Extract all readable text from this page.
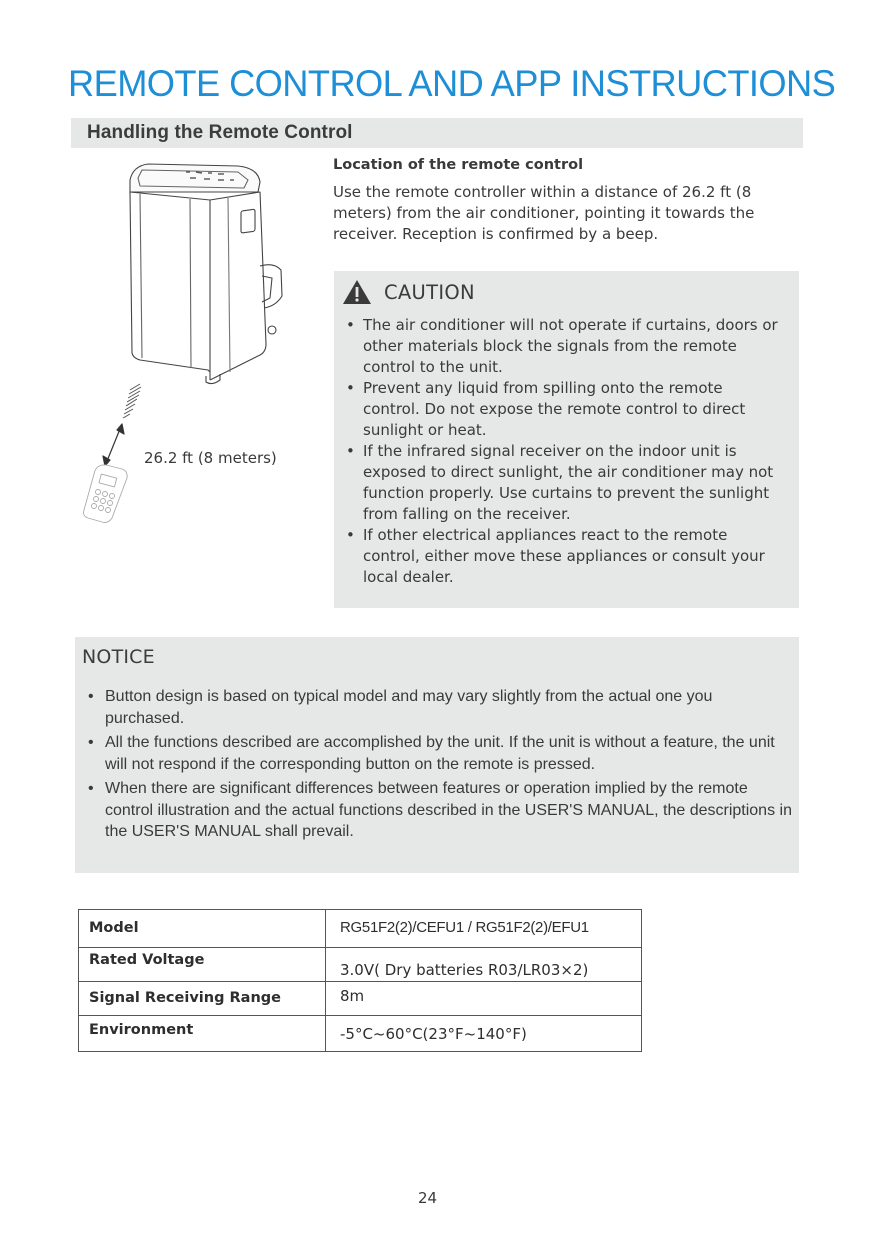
REMOTE CONTROL AND APP INSTRUCTIONS
Handling the Remote Control
26.2 ft (8 meters)
Location of the remote control
Use the remote controller within a distance of 26.2 ft (8 meters) from the air conditioner, pointing it towards the receiver. Reception is confirmed by a beep.
CAUTION
• The air conditioner will not operate if curtains, doors or other materials block the signals from the remote control to the unit.
• Prevent any liquid from spilling onto the remote control. Do not expose the remote control to direct sunlight or heat.
• If the infrared signal receiver on the indoor unit is exposed to direct sunlight, the air conditioner may not function properly. Use curtains to prevent the sunlight from falling on the receiver.
• If other electrical appliances react to the remote control, either move these appliances or consult your local dealer.
NOTICE
• Button design is based on typical model and may vary slightly from the actual one you purchased.
• All the functions described are accomplished by the unit. If the unit is without a feature, the unit will not respond if the corresponding button on the remote is pressed.
• When there are significant differences between features or operation implied by the remote control illustration and the actual functions described in the USER'S MANUAL, the descriptions in the USER'S MANUAL shall prevail.
Model	RG51F2(2)/CEFU1 / RG51F2(2)/EFU1
Rated Voltage	3.0V( Dry batteries R03/LR03×2)
Signal Receiving Range	8m
Environment	-5°C~60°C(23°F~140°F)
24
